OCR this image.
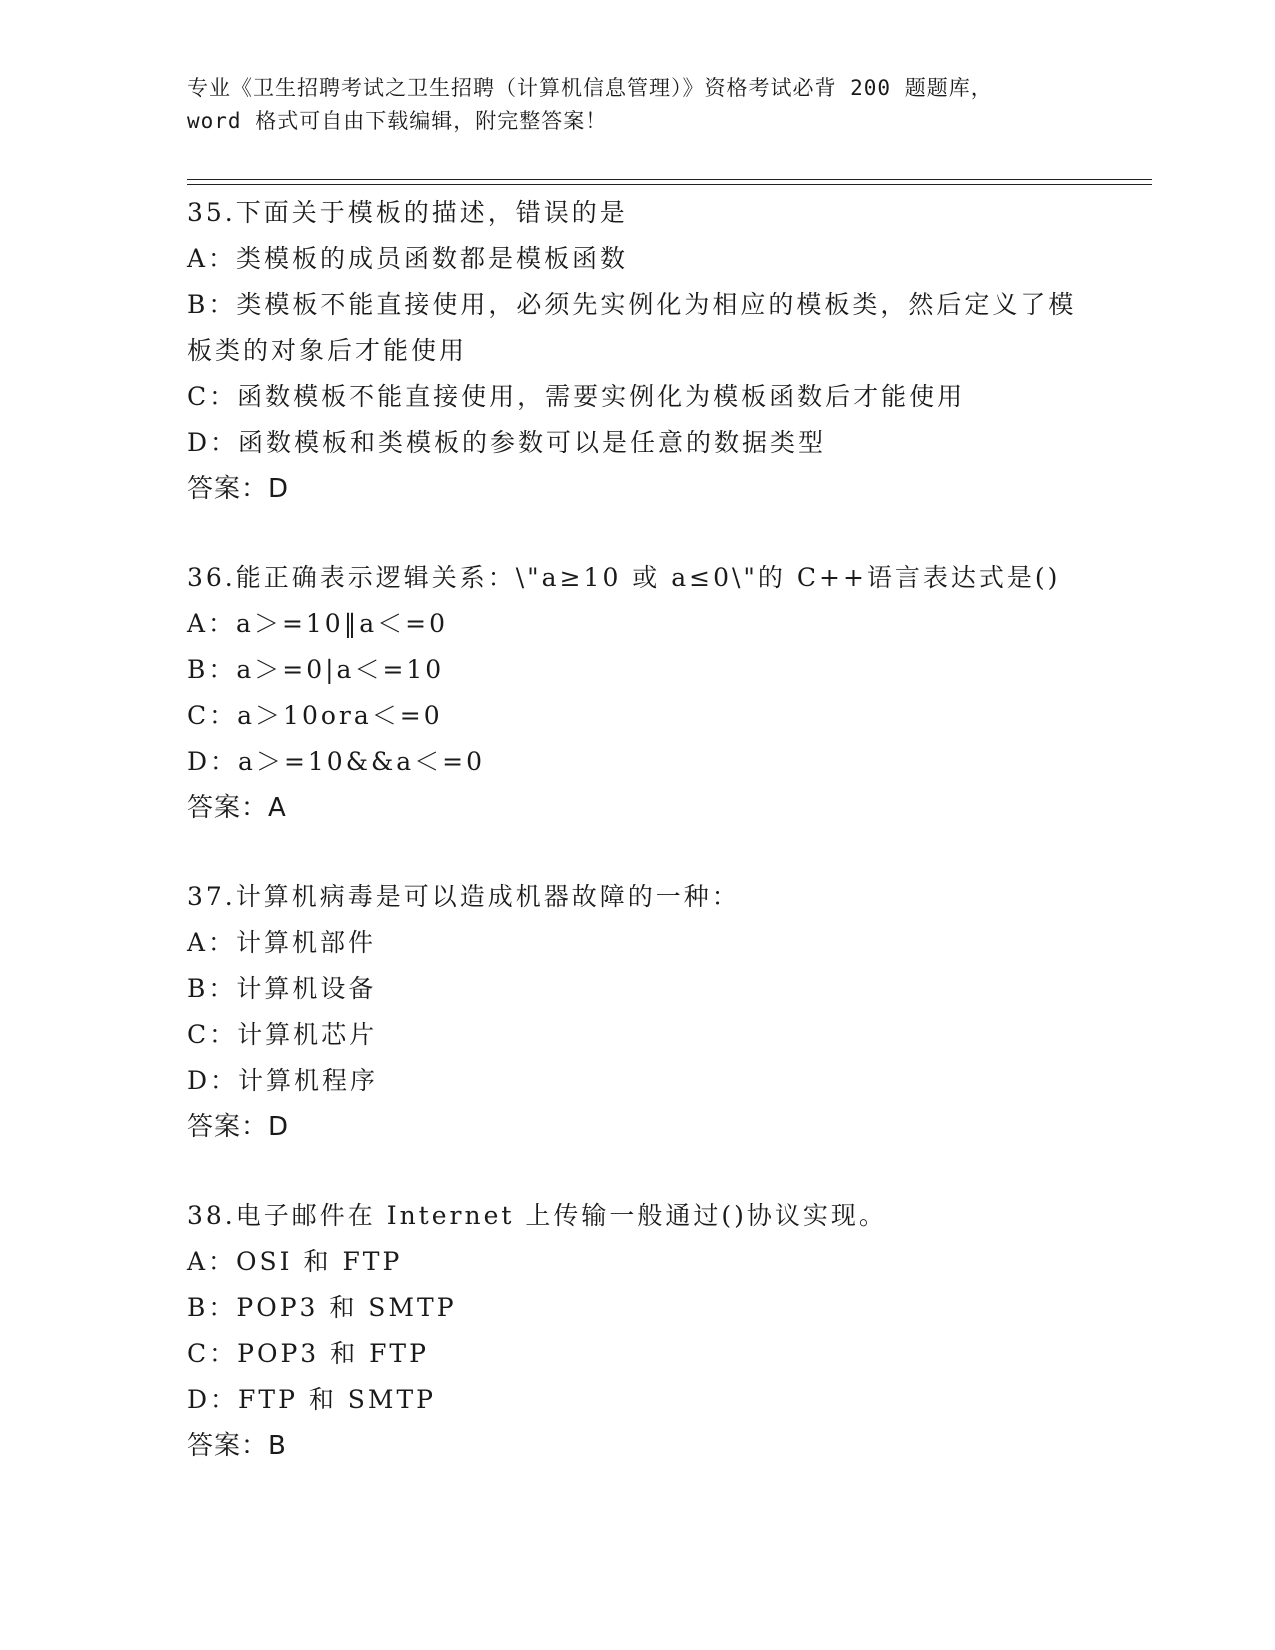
专业《卫生招聘考试之卫生招聘（计算机信息管理）》资格考试必背 200 题题库，
word 格式可自由下载编辑，附完整答案！
35.下面关于模板的描述，错误的是
A：类模板的成员函数都是模板函数
B：类模板不能直接使用，必须先实例化为相应的模板类，然后定义了模板类的对象后才能使用
C：函数模板不能直接使用，需要实例化为模板函数后才能使用
D：函数模板和类模板的参数可以是任意的数据类型
答案：D
36.能正确表示逻辑关系：\"a≥10 或 a≤0\"的 C++语言表达式是()
A：a＞=10‖a＜=0
B：a＞=0|a＜=10
C：a＞10ora＜=0
D：a＞=10&&a＜=0
答案：A
37.计算机病毒是可以造成机器故障的一种：
A：计算机部件
B：计算机设备
C：计算机芯片
D：计算机程序
答案：D
38.电子邮件在 Internet 上传输一般通过()协议实现。
A：OSI 和 FTP
B：POP3 和 SMTP
C：POP3 和 FTP
D：FTP 和 SMTP
答案：B
